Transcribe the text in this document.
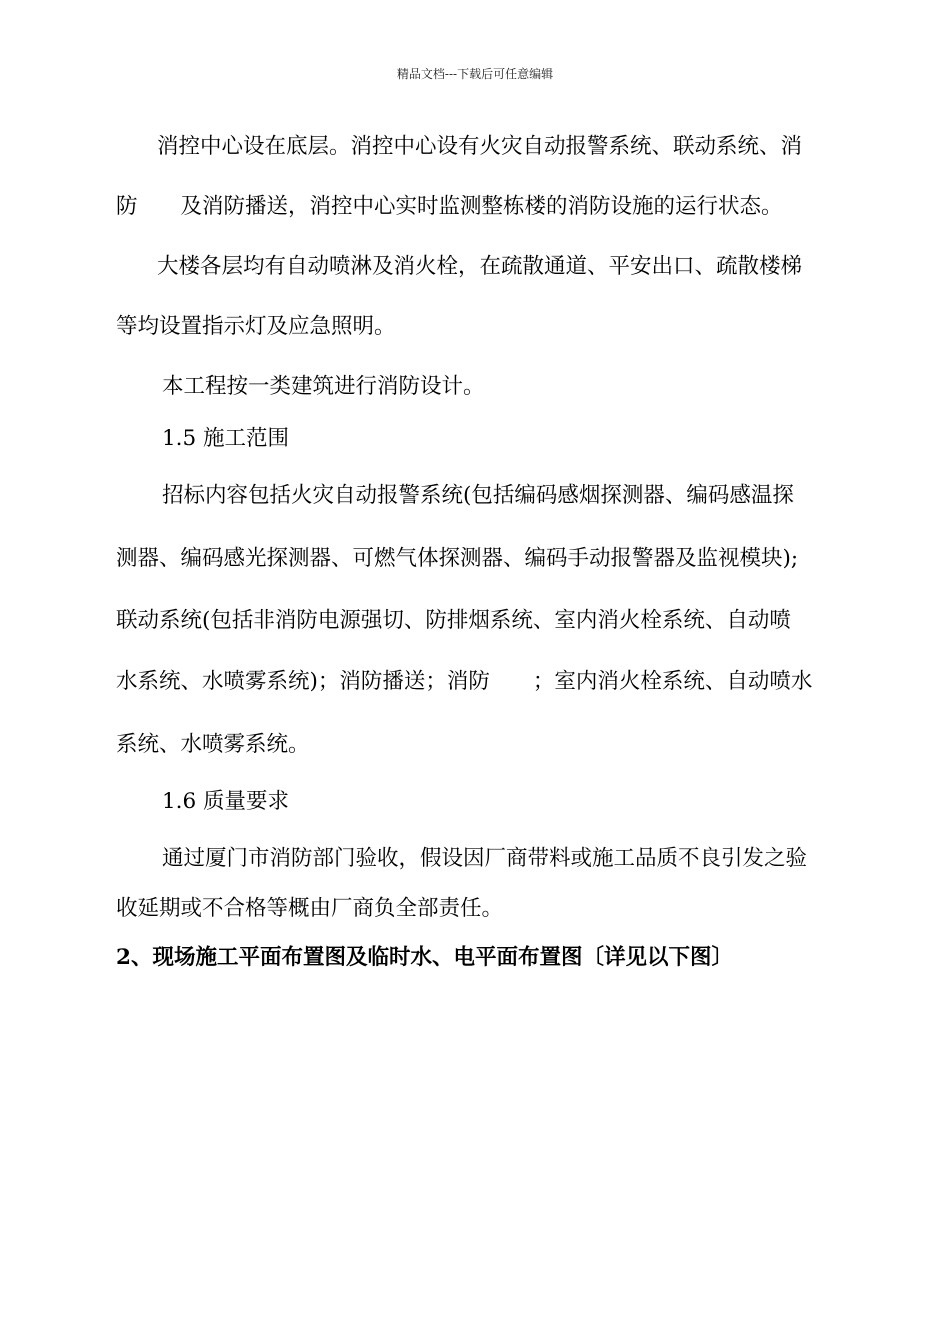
精品文档---下载后可任意编辑
消控中心设在底层。消控中心设有火灾自动报警系统、联动系统、消
防　　及消防播送，消控中心实时监测整栋楼的消防设施的运行状态。
大楼各层均有自动喷淋及消火栓，在疏散通道、平安出口、疏散楼梯
等均设置指示灯及应急照明。
本工程按一类建筑进行消防设计。
1.5 施工范围
招标内容包括火灾自动报警系统(包括编码感烟探测器、编码感温探
测器、编码感光探测器、可燃气体探测器、编码手动报警器及监视模块);
联动系统(包括非消防电源强切、防排烟系统、室内消火栓系统、自动喷
水系统、水喷雾系统)；消防播送；消防　　；室内消火栓系统、自动喷水
系统、水喷雾系统。
1.6 质量要求
通过厦门市消防部门验收，假设因厂商带料或施工品质不良引发之验
收延期或不合格等概由厂商负全部责任。
2、现场施工平面布置图及临时水、电平面布置图〔详见以下图〕
